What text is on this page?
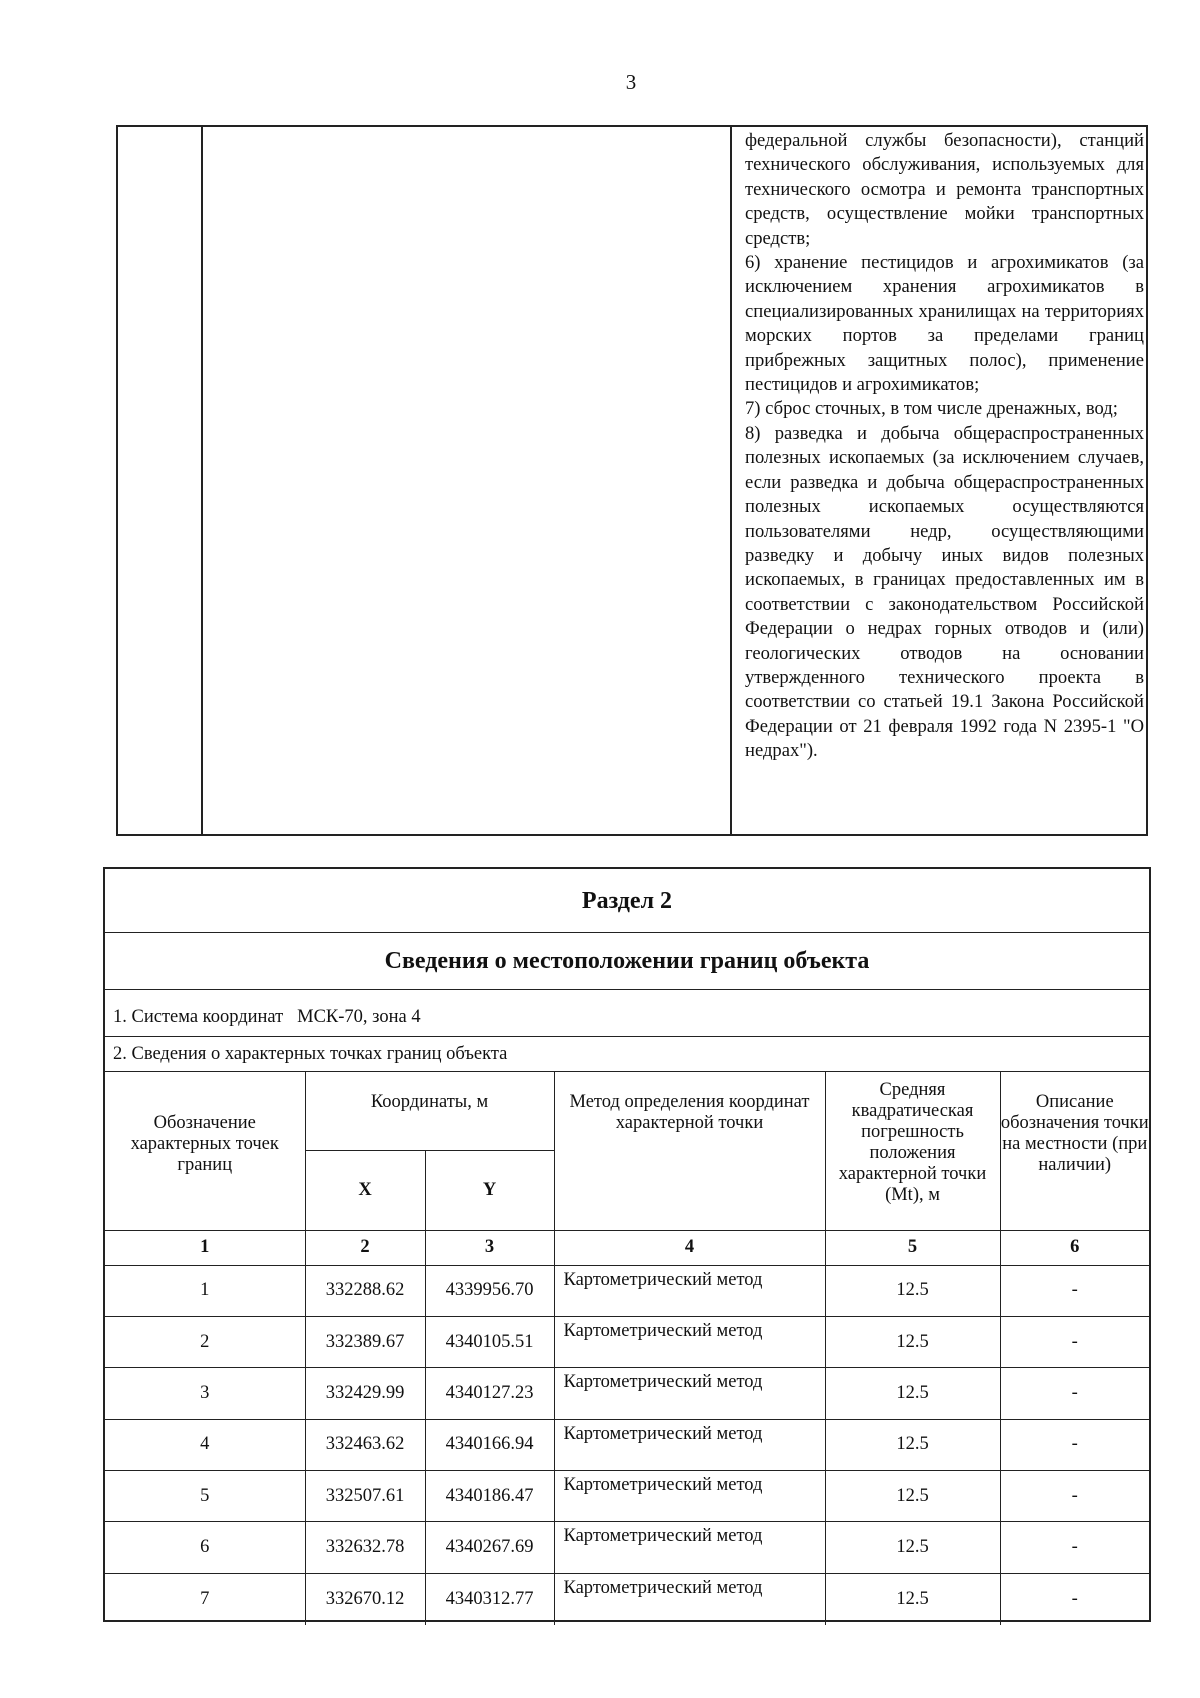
3

федеральной службы безопасности), станций технического обслуживания, используемых для технического осмотра и ремонта транспортных средств, осуществление мойки транспортных средств;

6) хранение пестицидов и агрохимикатов (за исключением хранения агрохимикатов в специализированных хранилищах на территориях морских портов за пределами границ прибрежных защитных полос), применение пестицидов и агрохимикатов;

7) сброс сточных, в том числе дренажных, вод;

8) разведка и добыча общераспространенных полезных ископаемых (за исключением случаев, если разведка и добыча общераспространенных полезных ископаемых осуществляются пользователями недр, осуществляющими разведку и добычу иных видов полезных ископаемых, в границах предоставленных им в соответствии с законодательством Российской Федерации о недрах горных отводов и (или) геологических отводов на основании утвержденного технического проекта в соответствии со статьей 19.1 Закона Российской Федерации от 21 февраля 1992 года N 2395-1 "О недрах").

Раздел 2
Сведения о местоположении границ объекта
1. Система координат   МСК-70, зона 4
2. Сведения о характерных точках границ объекта
Обозначение характерных точек границ	Координаты, м		Метод определения координат характерной точки	Средняя квадратическая погрешность положения характерной точки (Mt), м	Описание обозначения точки на местности (при наличии)
	X	Y			
1	2	3	4	5	6
1	332288.62	4339956.70	Картометрический метод	12.5	-
2	332389.67	4340105.51	Картометрический метод	12.5	-
3	332429.99	4340127.23	Картометрический метод	12.5	-
4	332463.62	4340166.94	Картометрический метод	12.5	-
5	332507.61	4340186.47	Картометрический метод	12.5	-
6	332632.78	4340267.69	Картометрический метод	12.5	-
7	332670.12	4340312.77	Картометрический метод	12.5	-
